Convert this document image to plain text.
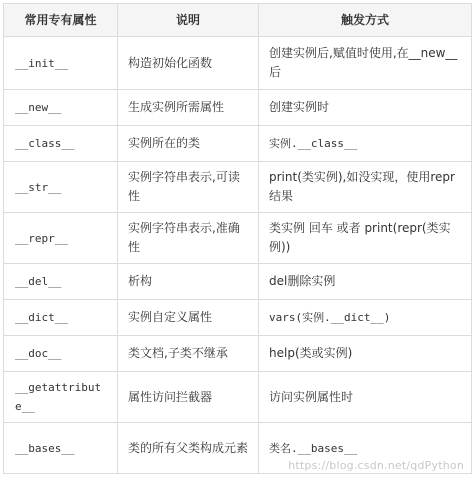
常用专有属性	说明	触发方式
__init__	构造初始化函数	创建实例后,赋值时使用,在__new__后
__new__	生成实例所需属性	创建实例时
__class__	实例所在的类	实例.__class__
__str__	实例字符串表示,可读性	print(类实例),如没实现，使用repr结果
__repr__	实例字符串表示,准确性	类实例 回车 或者 print(repr(类实例))
__del__	析构	del删除实例
__dict__	实例自定义属性	vars(实例.__dict__)
__doc__	类文档,子类不继承	help(类或实例)
__getattribute__	属性访问拦截器	访问实例属性时
__bases__	类的所有父类构成元素	类名.__bases__
https://blog.csdn.net/qdPython
